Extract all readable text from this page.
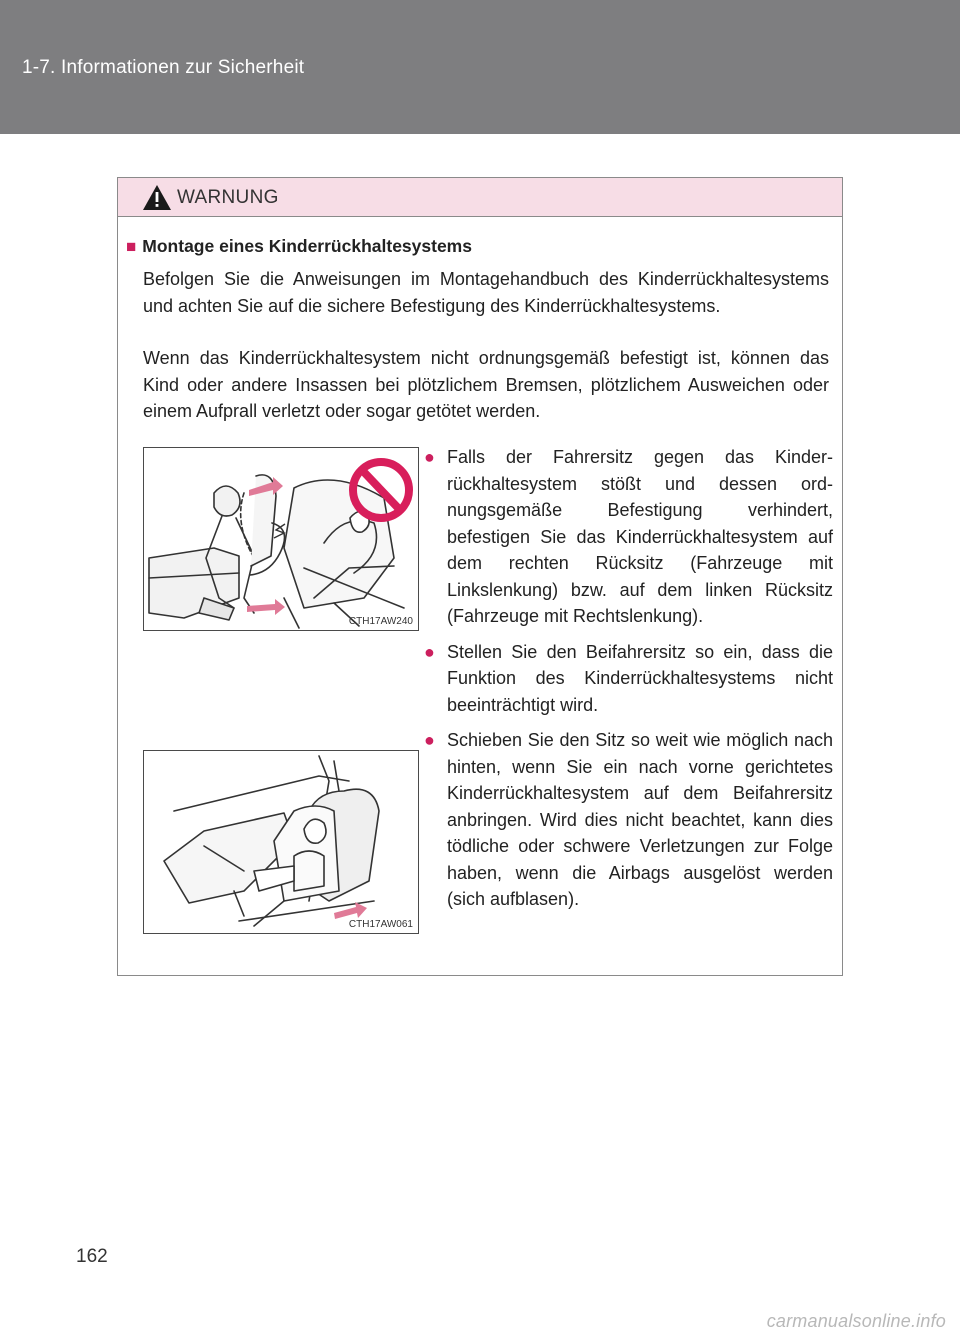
1-7. Informationen zur Sicherheit
WARNUNG
■ Montage eines Kinderrückhaltesystems

Befolgen Sie die Anweisungen im Montagehandbuch des Kinderrückhaltesystems und achten Sie auf die sichere Befestigung des Kinderrückhaltesystems.

Wenn das Kinderrückhaltesystem nicht ordnungsgemäß befestigt ist, können das Kind oder andere Insassen bei plötzlichem Bremsen, plötzlichem Ausweichen oder einem Aufprall verletzt oder sogar getötet werden.

CTH17AW240
CTH17AW061
● Falls der Fahrersitz gegen das Kinderrückhaltesystem stößt und dessen ordnungsgemäße Befestigung verhindert, befestigen Sie das Kinderrückhaltesystem auf dem rechten Rücksitz (Fahrzeuge mit Linkslenkung) bzw. auf dem linken Rücksitz (Fahrzeuge mit Rechtslenkung).
● Stellen Sie den Beifahrersitz so ein, dass die Funktion des Kinderrückhaltesystems nicht beeinträchtigt wird.
● Schieben Sie den Sitz so weit wie möglich nach hinten, wenn Sie ein nach vorne gerichtetes Kinderrückhaltesystem auf dem Beifahrersitz anbringen. Wird dies nicht beachtet, kann dies tödliche oder schwere Verletzungen zur Folge haben, wenn die Airbags ausgelöst werden (sich aufblasen).
162
carmanualsonline.info
